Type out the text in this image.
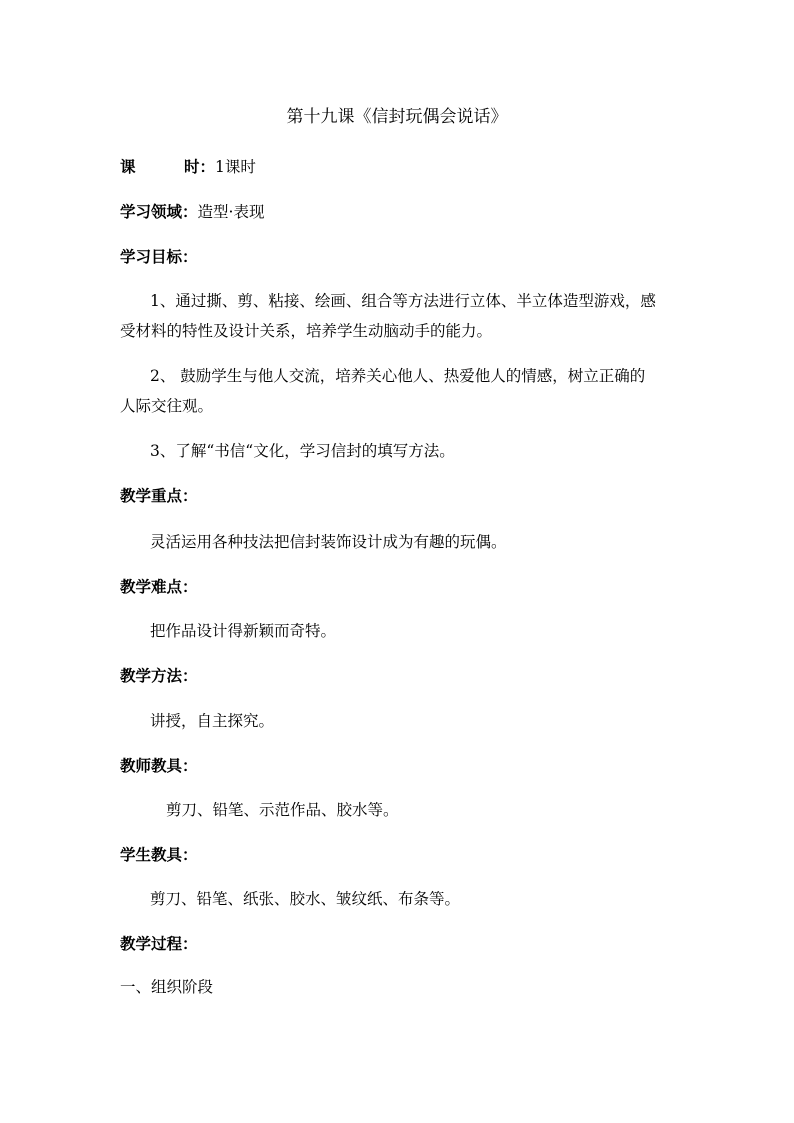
第十九课《信封玩偶会说话》
课	时：1课时
学习领域：造型·表现
学习目标：
1、通过撕、剪、粘接、绘画、组合等方法进行立体、半立体造型游戏，感
受材料的特性及设计关系，培养学生动脑动手的能力。
2、 鼓励学生与他人交流，培养关心他人、热爱他人的情感，树立正确的
人际交往观。
3、了解“书信“文化，学习信封的填写方法。
教学重点：
灵活运用各种技法把信封装饰设计成为有趣的玩偶。
教学难点：
把作品设计得新颖而奇特。
教学方法：
讲授，自主探究。
教师教具：
剪刀、铅笔、示范作品、胶水等。
学生教具：
剪刀、铅笔、纸张、胶水、皱纹纸、布条等。
教学过程：
一、组织阶段
